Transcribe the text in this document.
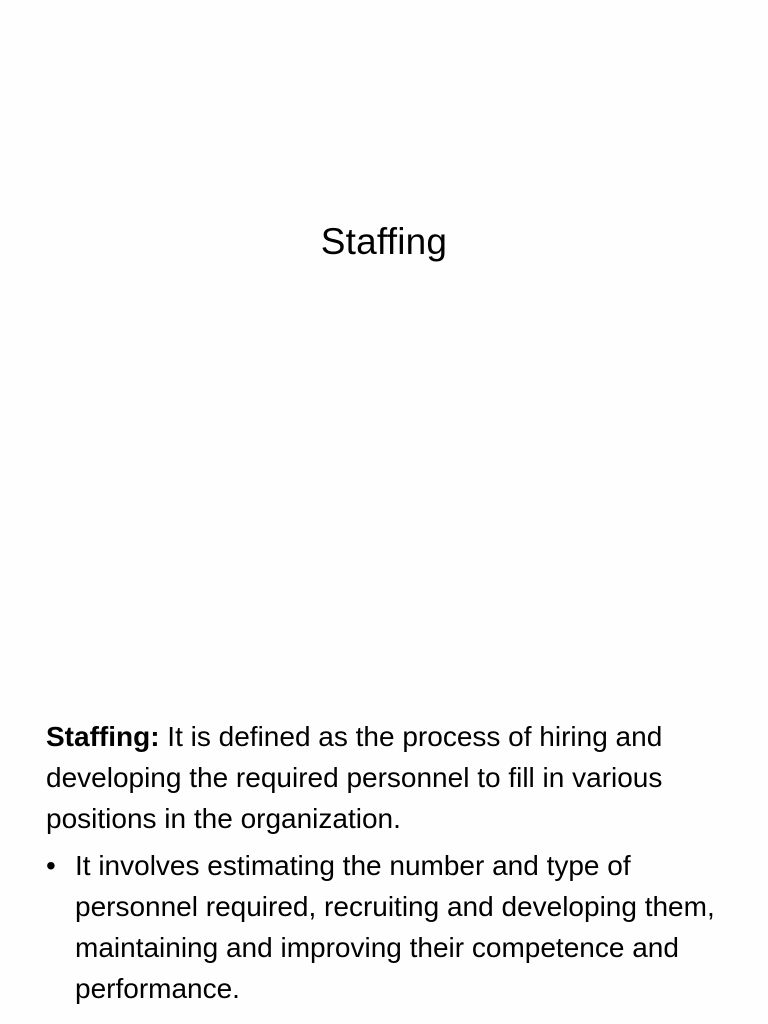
Staffing

Staffing: It is defined as the process of hiring and developing the required personnel to fill in various positions in the organization.

• It involves estimating the number and type of personnel required, recruiting and developing them, maintaining and improving their competence and performance.
